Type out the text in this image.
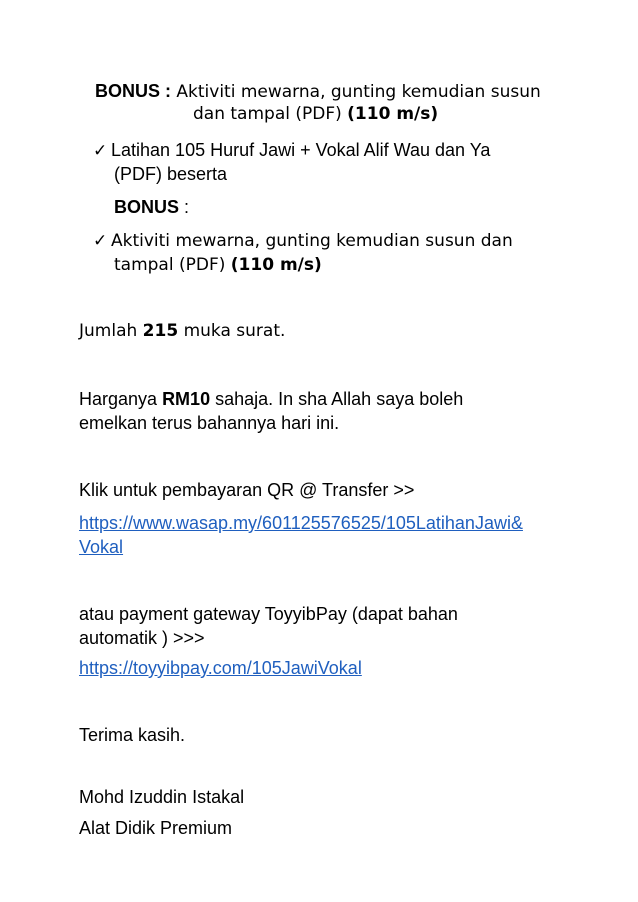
BONUS : Aktiviti mewarna, gunting kemudian susun
dan tampal (PDF) (110 m/s)
✓ Latihan 105 Huruf Jawi + Vokal Alif Wau dan Ya
(PDF) beserta
BONUS :
✓ Aktiviti mewarna, gunting kemudian susun dan
tampal (PDF) (110 m/s)
Jumlah 215 muka surat.
Harganya RM10 sahaja. In sha Allah saya boleh
emelkan terus bahannya hari ini.
Klik untuk pembayaran QR @ Transfer >>
https://www.wasap.my/601125576525/105LatihanJawi&
Vokal
atau payment gateway ToyyibPay (dapat bahan
automatik ) >>>
https://toyyibpay.com/105JawiVokal
Terima kasih.
Mohd Izuddin Istakal
Alat Didik Premium
